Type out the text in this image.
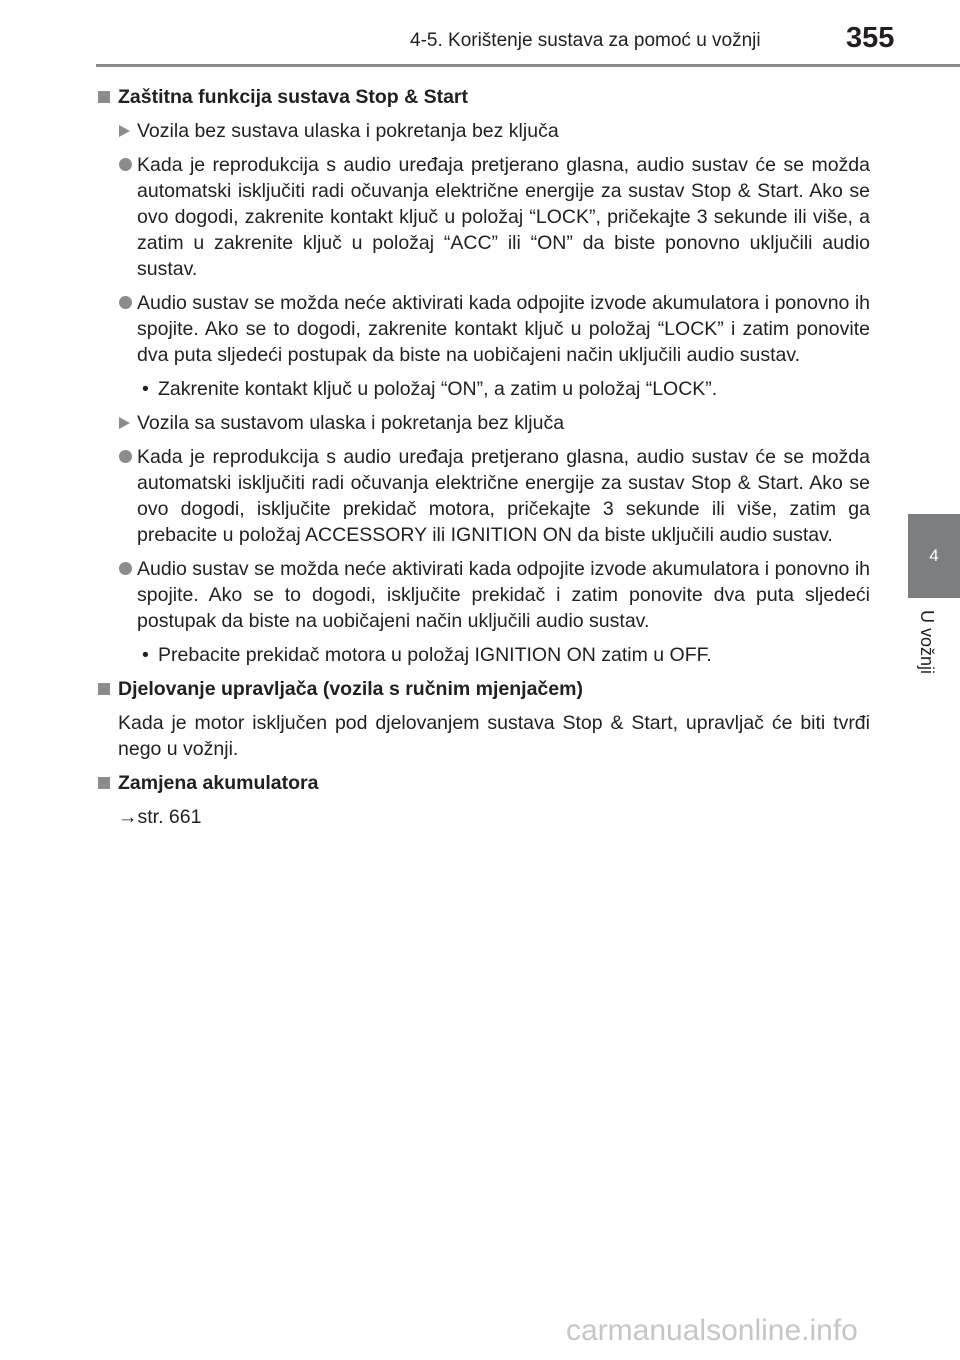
4-5. Korištenje sustava za pomoć u vožnji	355
4
U vožnji
Zaštitna funkcija sustava Stop & Start
Vozila bez sustava ulaska i pokretanja bez ključa
Kada je reprodukcija s audio uređaja pretjerano glasna, audio sustav će se možda automatski isključiti radi očuvanja električne energije za sustav Stop & Start. Ako se ovo dogodi, zakrenite kontakt ključ u položaj “LOCK”, pričekajte 3 sekunde ili više, a zatim u zakrenite ključ u položaj “ACC” ili “ON” da biste ponovno uključili audio sustav.
Audio sustav se možda neće aktivirati kada odpojite izvode akumulatora i ponovno ih spojite. Ako se to dogodi, zakrenite kontakt ključ u položaj “LOCK” i zatim ponovite dva puta sljedeći postupak da biste na uobičajeni način uključili audio sustav.
• Zakrenite kontakt ključ u položaj “ON”, a zatim u položaj “LOCK”.
Vozila sa sustavom ulaska i pokretanja bez ključa
Kada je reprodukcija s audio uređaja pretjerano glasna, audio sustav će se možda automatski isključiti radi očuvanja električne energije za sustav Stop & Start. Ako se ovo dogodi, isključite prekidač motora, pričekajte 3 sekunde ili više, zatim ga prebacite u položaj ACCESSORY ili IGNITION ON da biste uključili audio sustav.
Audio sustav se možda neće aktivirati kada odpojite izvode akumulatora i ponovno ih spojite. Ako se to dogodi, isključite prekidač i zatim ponovite dva puta sljedeći postupak da biste na uobičajeni način uključili audio sustav.
• Prebacite prekidač motora u položaj IGNITION ON zatim u OFF.
Djelovanje upravljača (vozila s ručnim mjenjačem)
Kada je motor isključen pod djelovanjem sustava Stop & Start, upravljač će biti tvrđi nego u vožnji.
Zamjena akumulatora
→str. 661
carmanualsonline.info
